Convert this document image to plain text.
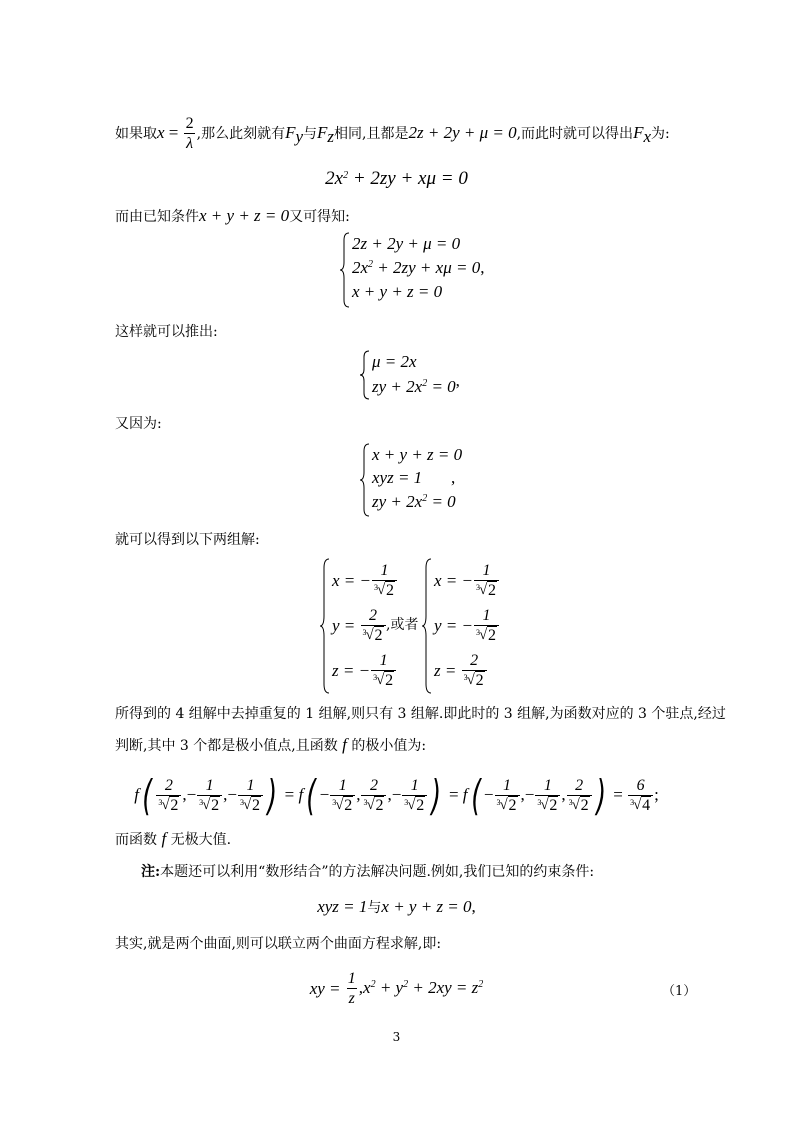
如果取$x = \frac{2}{\lambda}$ ,那么此刻就有$F_y$与$F_z$相同,且都是2z + 2y + μ = 0,而此时就可以得出$F_x$为:
$2x^2 + 2zy + x\mu = 0$
而由已知条件x + y + z = 0又可得知:
2z + 2y + μ = 0
$2x^2 + 2zy + x\mu = 0$,
x + y + z = 0
这样就可以推出:
μ = 2x
zy + $2x^2 = 0^,$
又因为:
x + y + z = 0
xyz = 1 ,
zy + $2x^2 = 0$
就可以得到以下两组解:
x = − $\frac{1}{3 √ 2}$
$y = \frac{2}{3 √ 2}$
z = − $\frac{1}{3 √ 2}$
,或者
x = − $\frac{1}{3 √ 2}$
y = − $\frac{1}{3 √ 2}$
$z = \frac{2}{3 √ 2}$
所得到的 4 组解中去掉重复的 1 组解,则只有 3 组解.即此时的 3 组解,为函数对应的 3 个驻点,经过
判断,其中 3 个都是极小值点,且函数 f 的极小值为:
$f( \frac{2}{3 √ 2}$ ,− $\frac{1}{3 √ 2}$ ,− $\frac{1}{3 √ 2}$ ) = $f( - \frac{1}{3 √ 2}$ , $\frac{2}{3 √ 2}$ ,− $\frac{1}{3 √ 2}$ ) = $f( - \frac{1}{3 √ 2}$ ,− $\frac{1}{3 √ 2}$ , $\frac{2}{3 √ 2}$ ) = $\frac{6}{3 √ 4}$ ;
而函数 f 无极大值.
注:本题还可以利用“数形结合”的方法解决问题.例如,我们已知的约束条件:
xyz = 1与x + y + z = 0,
其实,就是两个曲面,则可以联立两个曲面方程求解,即:
xy = $\frac{1}{z} ,x^2 + y^2 + 2xy = z^2$	（1）
3
